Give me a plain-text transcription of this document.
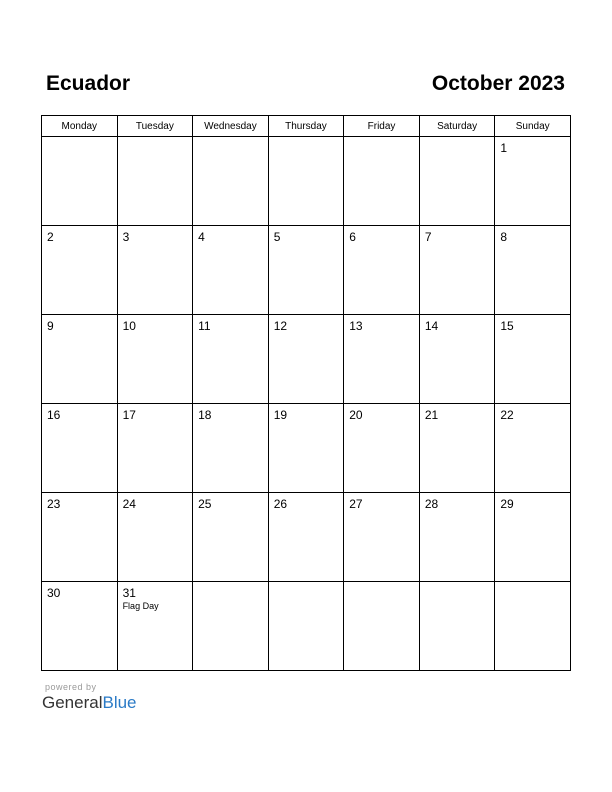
Ecuador	October 2023
Monday	Tuesday	Wednesday	Thursday	Friday	Saturday	Sunday

						1

2	3	4	5	6	7	8

9	10	11	12	13	14	15

16	17	18	19	20	21	22

23	24	25	26	27	28	29

30	31
Flag Day					

powered by
GeneralBlue
